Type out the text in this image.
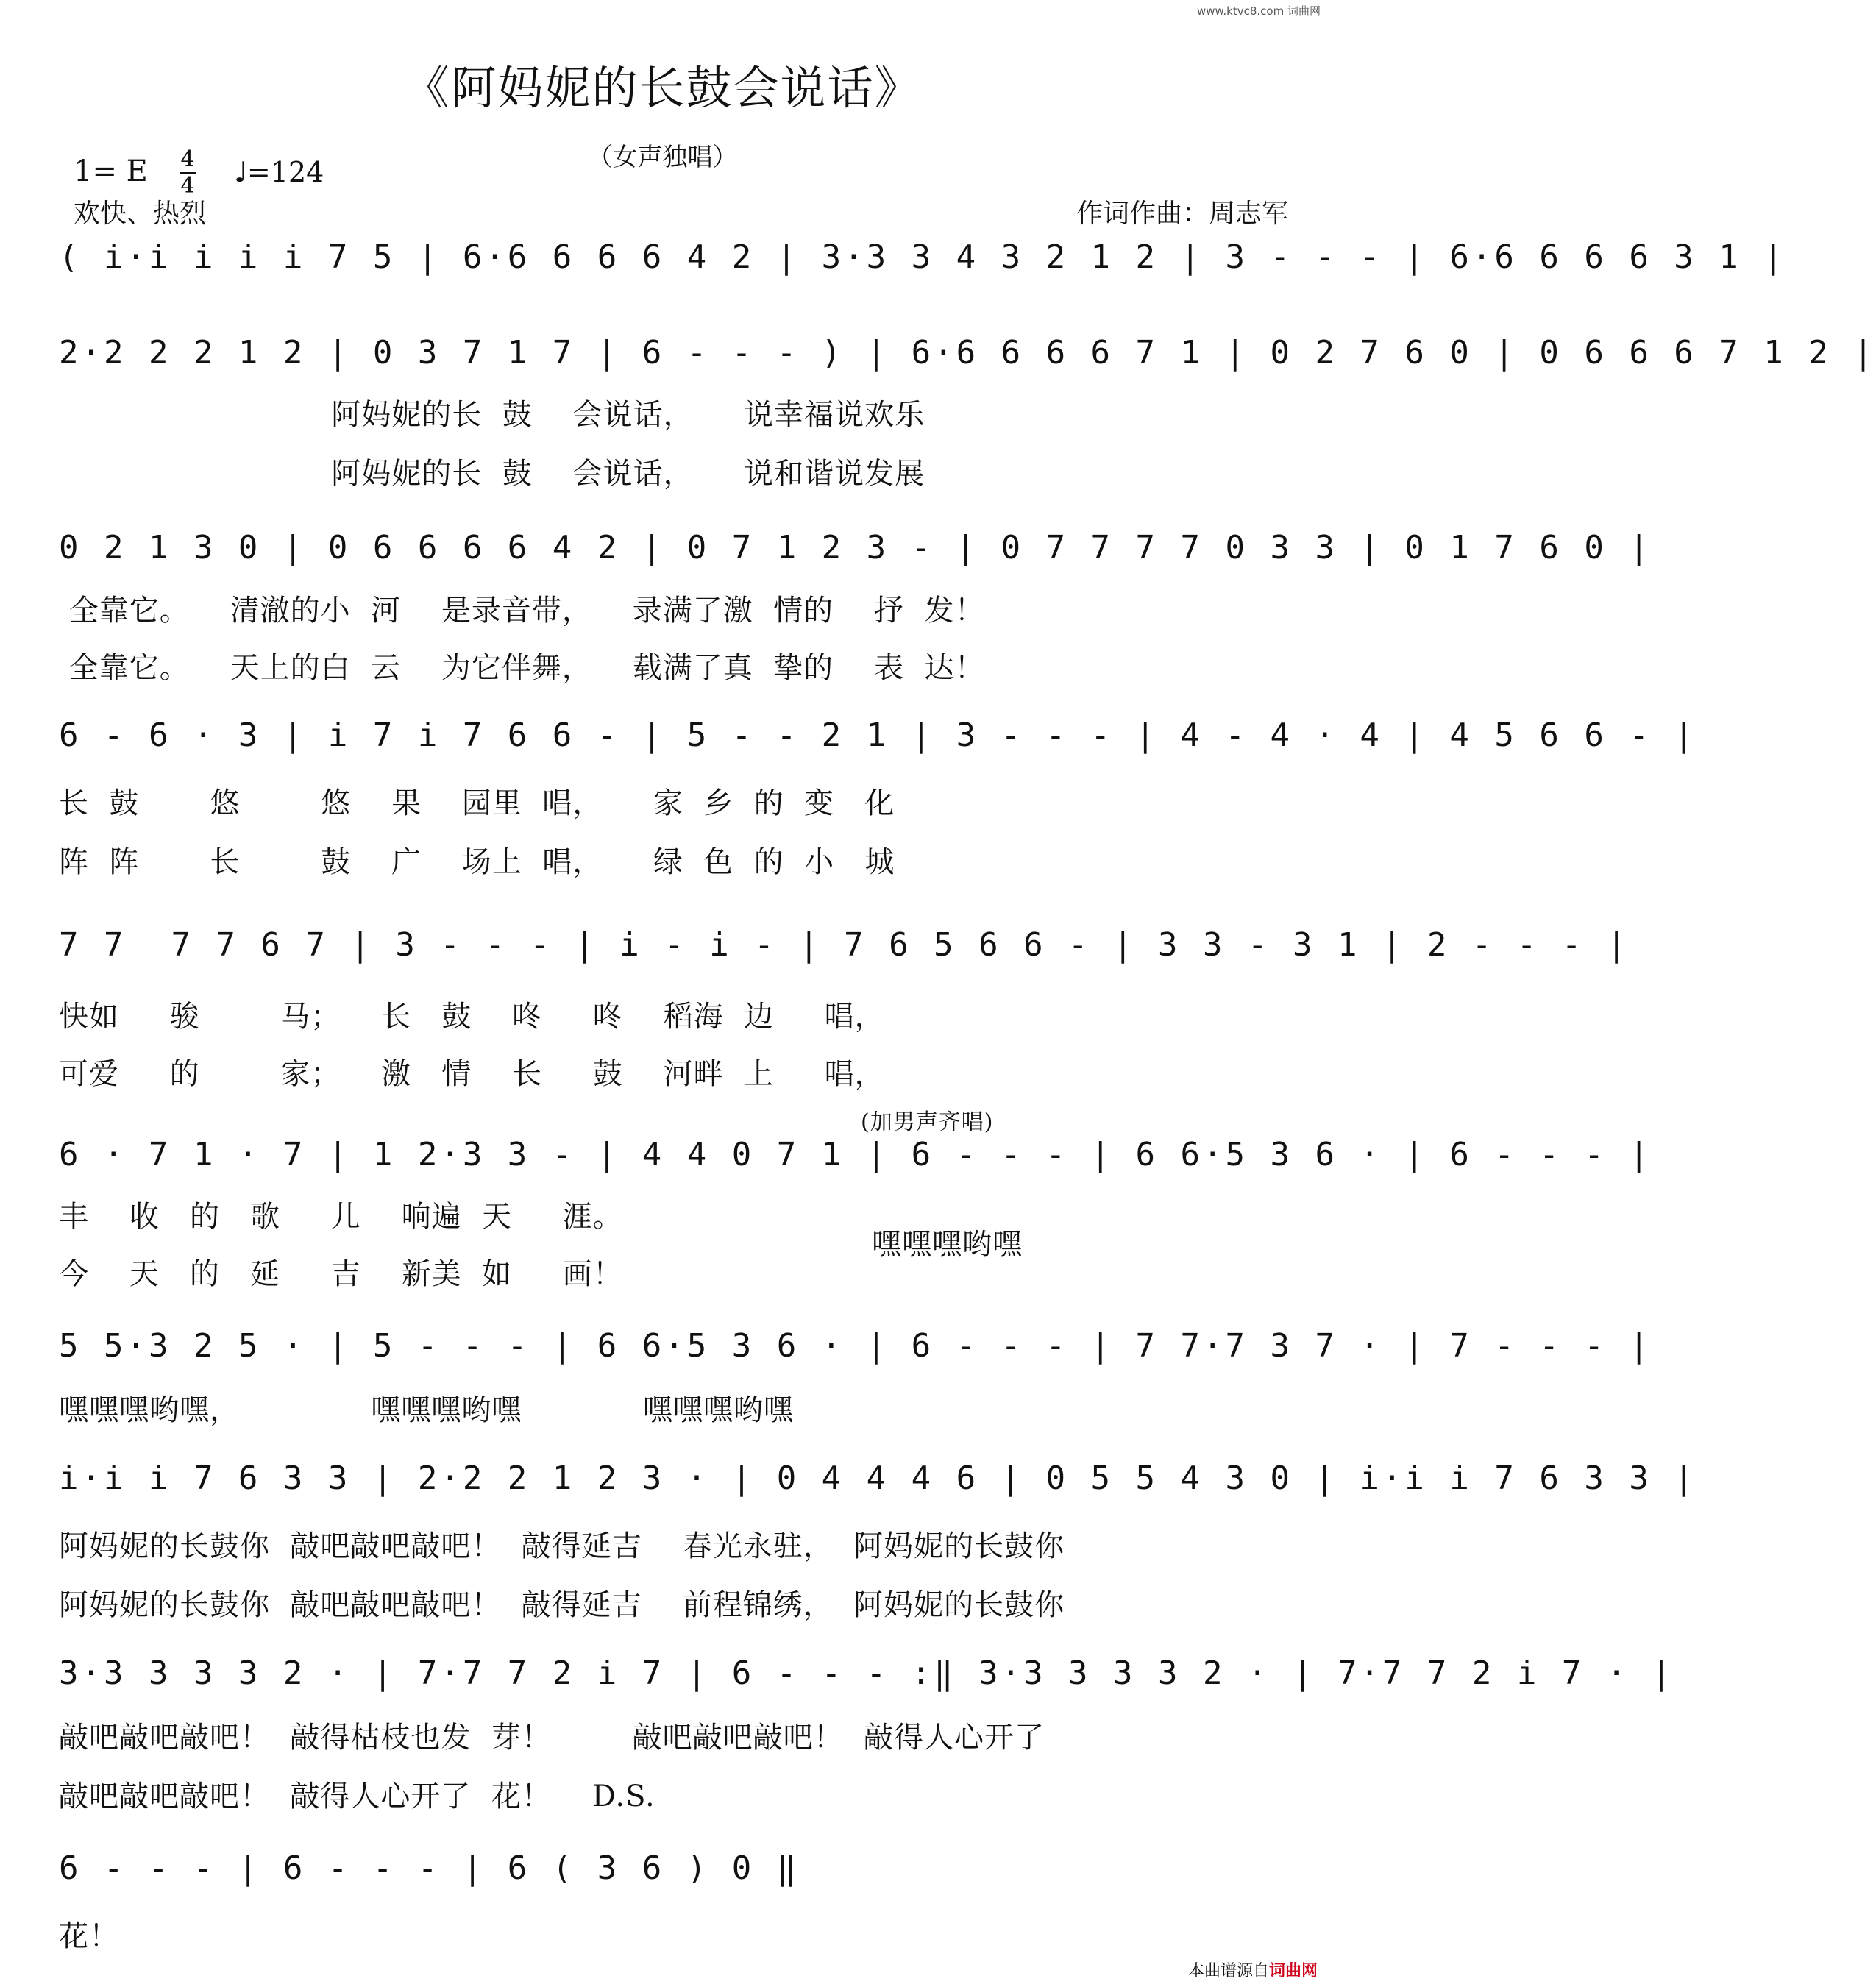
www.ktvc8.com 词曲网
《阿妈妮的长鼓会说话》
（女声独唱）
1= E 4
4 ♩=124
欢快、热烈	作词作曲：周志军
( i·i i i i 7 5 | 6·6 6 6 6 4 2 | 3·3 3 4 3 2 1 2 | 3 - - - | 6·6 6 6 6 3 1 |
2·2 2 2 1 2 | 0 3 7 1 7 | 6 - - - ) | 6·6 6 6 6 7 1 | 0 2 7 6 0 | 0 6 6 6 7 1 2 |
阿妈妮的长  鼓    会说话，     说幸福说欢乐
阿妈妮的长  鼓    会说话，     说和谐说发展
0 2 1 3 0 | 0 6 6 6 6 4 2 | 0 7 1 2 3 - | 0 7 7 7 7 0 3 3 | 0 1 7 6 0 |
全靠它。    清澈的小  河    是录音带，    录满了激  情的    抒  发！
全靠它。    天上的白  云    为它伴舞，    载满了真  挚的    表  达！
6 - 6 · 3 | i 7 i 7 6 6 - | 5 - - 2 1 | 3 - - - | 4 - 4 · 4 | 4 5 6 6 - |
长  鼓       悠        悠    果    园里  唱，     家  乡  的  变   化
阵  阵       长        鼓    广    场上  唱，     绿  色  的  小   城
7 7  7 7 6 7 | 3 - - - | i - i - | 7 6 5 6 6 - | 3 3 - 3 1 | 2 - - - |
快如     骏        马；    长   鼓    咚     咚    稻海  边     唱，
可爱     的        家；    激   情    长     鼓    河畔  上     唱，
(加男声齐唱)
6 · 7 1 · 7 | 1 2·3 3 - | 4 4 0 7 1 | 6 - - - | 6 6·5 3 6 · | 6 - - - |
丰    收   的   歌     儿    响遍  天     涯。
嘿嘿嘿哟嘿
今    天   的   延     吉    新美  如     画！
5 5·3 2 5 · | 5 - - - | 6 6·5 3 6 · | 6 - - - | 7 7·7 3 7 · | 7 - - - |
嘿嘿嘿哟嘿，             嘿嘿嘿哟嘿            嘿嘿嘿哟嘿
i·i i 7 6 3 3 | 2·2 2 1 2 3 · | 0 4 4 4 6 | 0 5 5 4 3 0 | i·i i 7 6 3 3 |
阿妈妮的长鼓你  敲吧敲吧敲吧！  敲得延吉    春光永驻，  阿妈妮的长鼓你
阿妈妮的长鼓你  敲吧敲吧敲吧！  敲得延吉    前程锦绣，  阿妈妮的长鼓你
3·3 3 3 3 2 · | 7·7 7 2 i 7 | 6 - - - :‖ 3·3 3 3 3 2 · | 7·7 7 2 i 7 · |
敲吧敲吧敲吧！  敲得枯枝也发  芽！        敲吧敲吧敲吧！  敲得人心开了
敲吧敲吧敲吧！  敲得人心开了  花！    D.S.
6 - - - | 6 - - - | 6 ( 3 6 ) 0 ‖
花！
本曲谱源自词曲网
